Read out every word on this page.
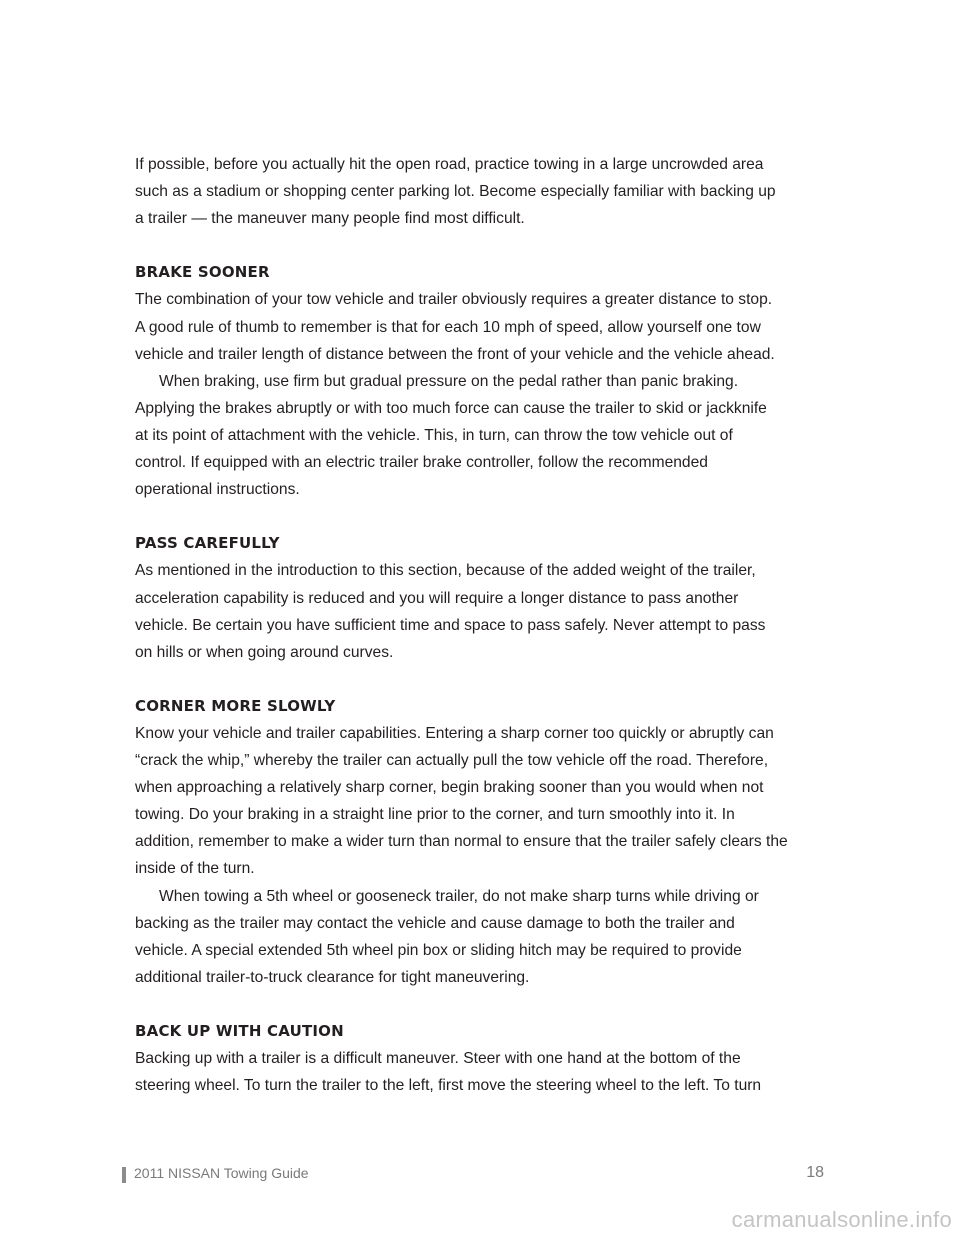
If possible, before you actually hit the open road, practice towing in a large uncrowded area

such as a stadium or shopping center parking lot. Become especially familiar with backing up

a trailer — the maneuver many people find most difficult.

BRAKE SOONER

The combination of your tow vehicle and trailer obviously requires a greater distance to stop.

A good rule of thumb to remember is that for each 10 mph of speed, allow yourself one tow

vehicle and trailer length of distance between the front of your vehicle and the vehicle ahead.

When braking, use firm but gradual pressure on the pedal rather than panic braking.

Applying the brakes abruptly or with too much force can cause the trailer to skid or jackknife

at its point of attachment with the vehicle. This, in turn, can throw the tow vehicle out of

control. If equipped with an electric trailer brake controller, follow the recommended

operational instructions.

PASS CAREFULLY

As mentioned in the introduction to this section, because of the added weight of the trailer,

acceleration capability is reduced and you will require a longer distance to pass another

vehicle. Be certain you have sufficient time and space to pass safely. Never attempt to pass

on hills or when going around curves.

CORNER MORE SLOWLY

Know your vehicle and trailer capabilities. Entering a sharp corner too quickly or abruptly can

“crack the whip,” whereby the trailer can actually pull the tow vehicle off the road. Therefore,

when approaching a relatively sharp corner, begin braking sooner than you would when not

towing. Do your braking in a straight line prior to the corner, and turn smoothly into it. In

addition, remember to make a wider turn than normal to ensure that the trailer safely clears the

inside of the turn.

When towing a 5th wheel or gooseneck trailer, do not make sharp turns while driving or

backing as the trailer may contact the vehicle and cause damage to both the trailer and

vehicle. A special extended 5th wheel pin box or sliding hitch may be required to provide

additional trailer-to-truck clearance for tight maneuvering.

BACK UP WITH CAUTION

Backing up with a trailer is a difficult maneuver. Steer with one hand at the bottom of the

steering wheel. To turn the trailer to the left, first move the steering wheel to the left. To turn

2011 NISSAN Towing Guide	18
carmanualsonline.info
